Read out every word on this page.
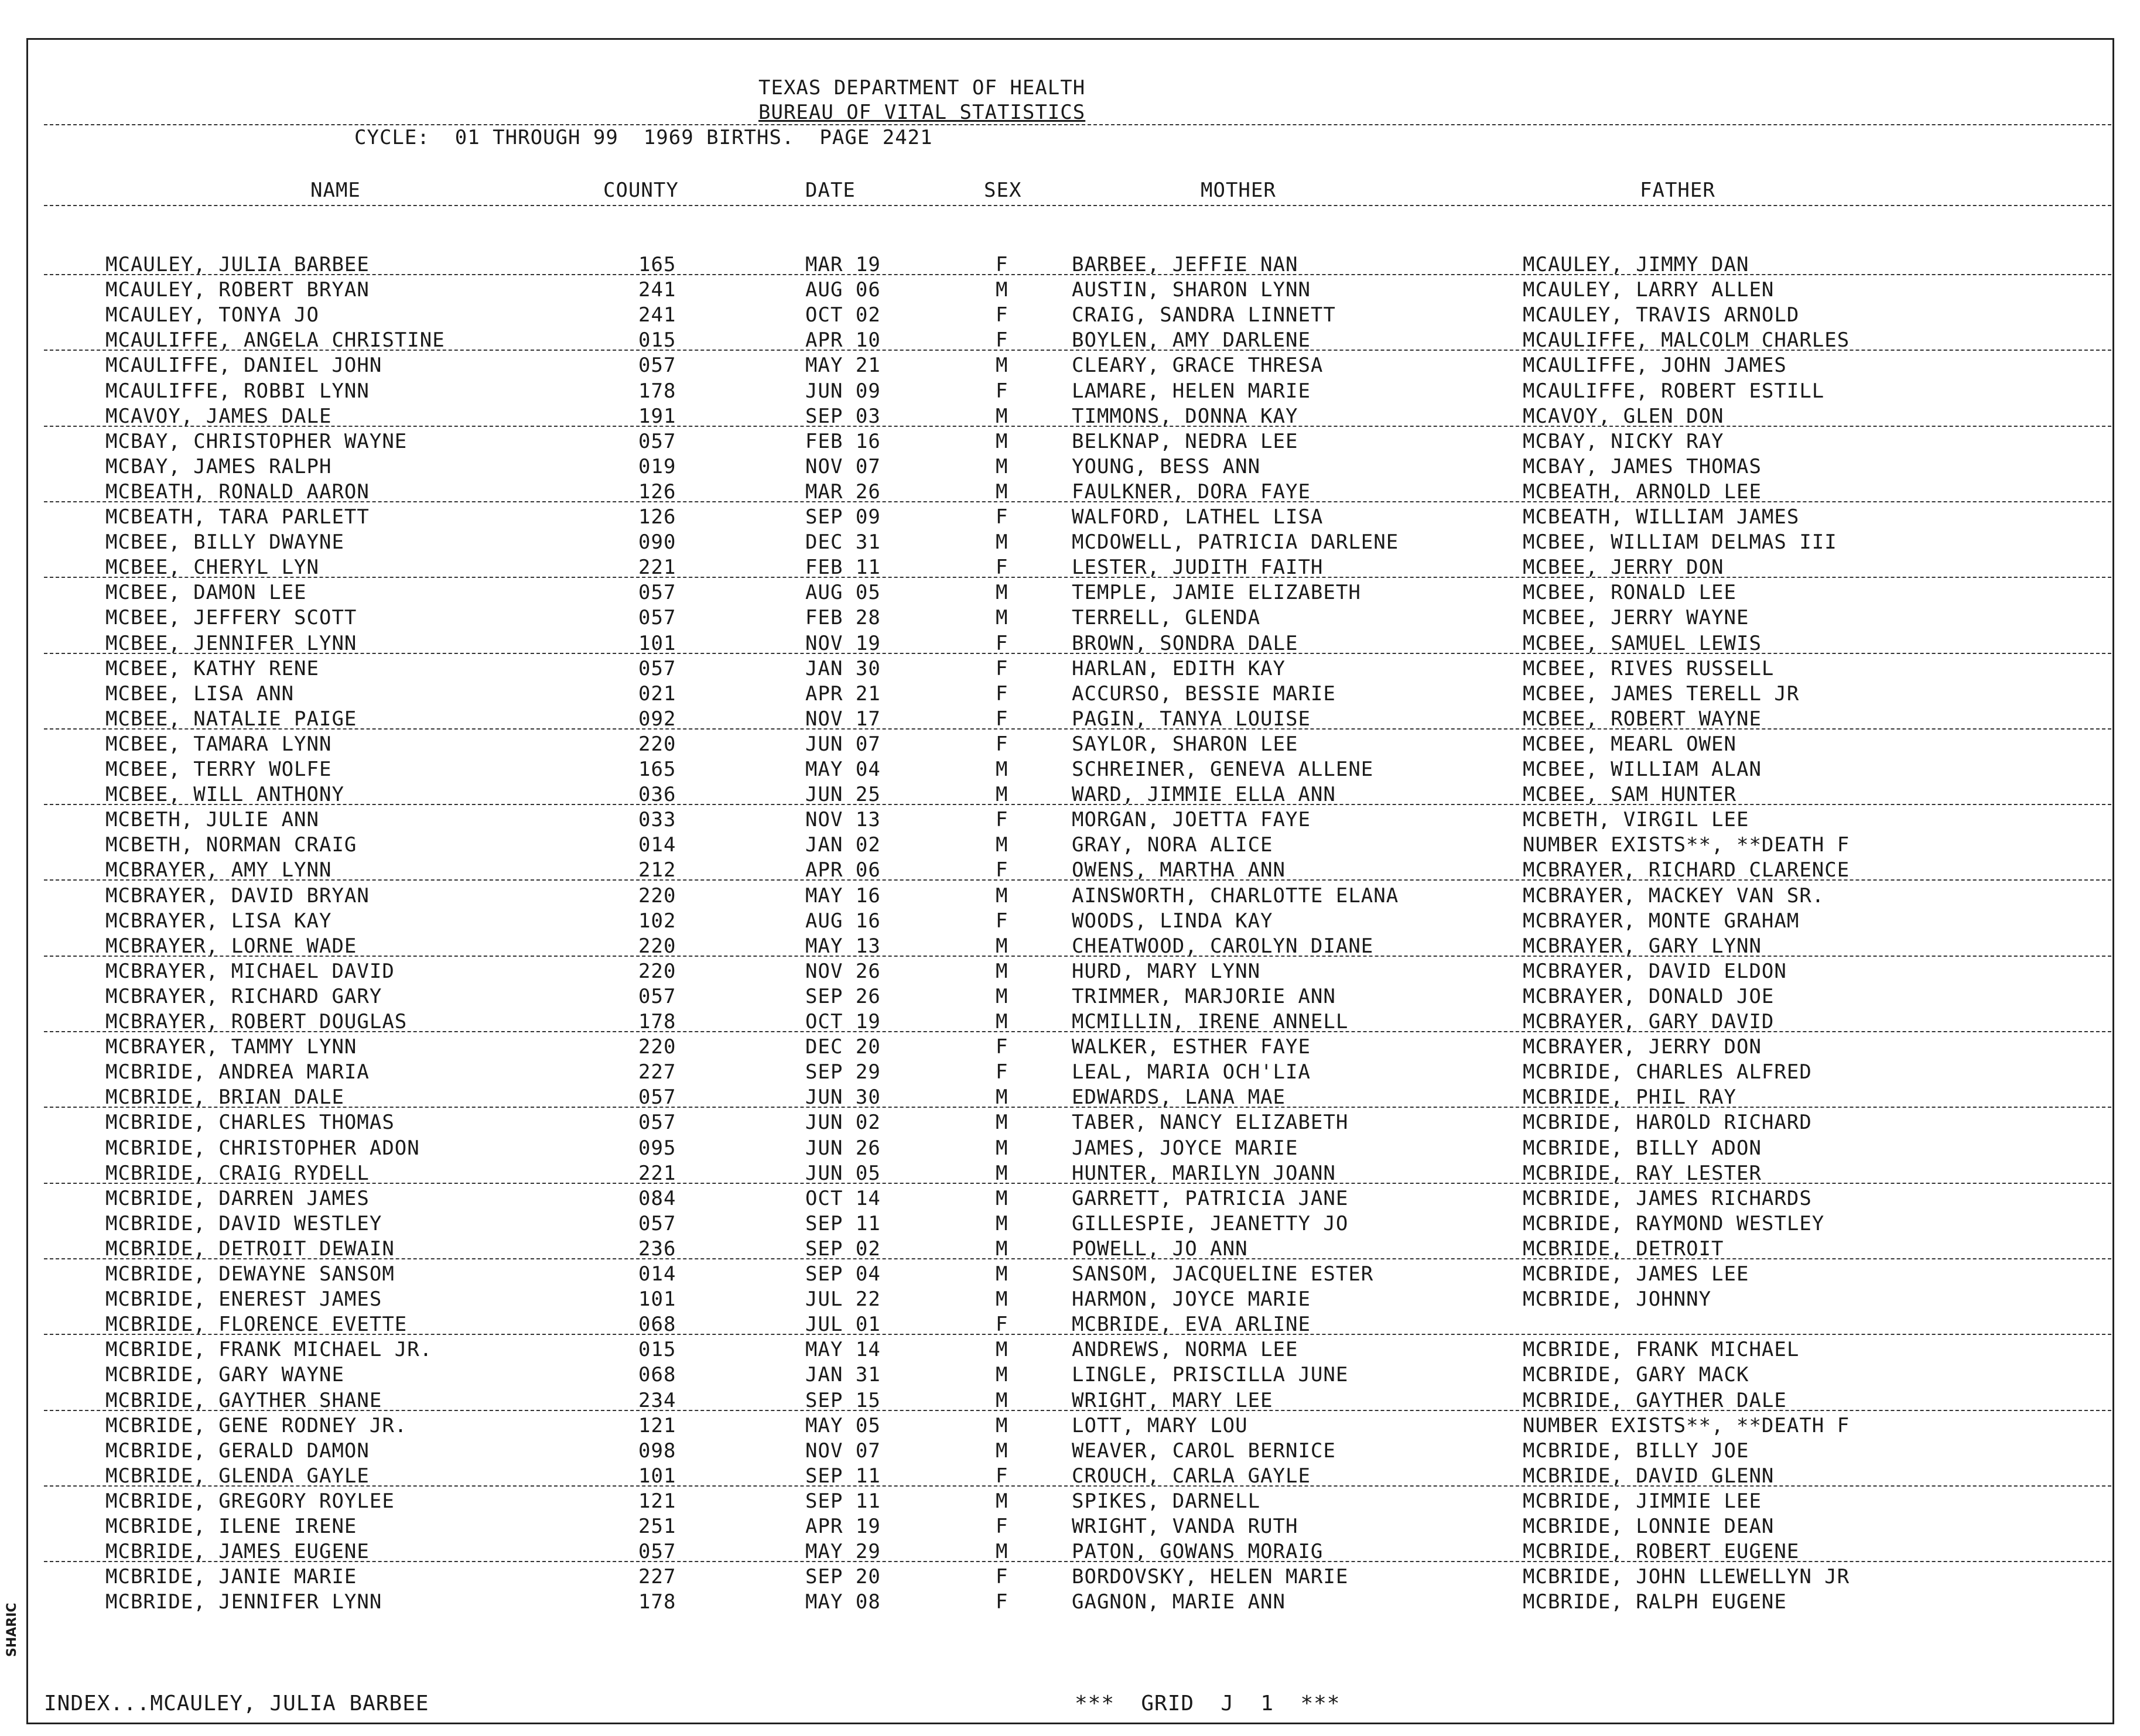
TEXAS DEPARTMENT OF HEALTH
BUREAU OF VITAL STATISTICS
CYCLE:  01 THROUGH 99  1969 BIRTHS.  PAGE 2421
NAME	COUNTY	DATE	SEX	MOTHER	FATHER
MCAULEY, JULIA BARBEE	165	MAR 19	F	BARBEE, JEFFIE NAN	MCAULEY, JIMMY DAN
MCAULEY, ROBERT BRYAN	241	AUG 06	M	AUSTIN, SHARON LYNN	MCAULEY, LARRY ALLEN
MCAULEY, TONYA JO	241	OCT 02	F	CRAIG, SANDRA LINNETT	MCAULEY, TRAVIS ARNOLD
MCAULIFFE, ANGELA CHRISTINE	015	APR 10	F	BOYLEN, AMY DARLENE	MCAULIFFE, MALCOLM CHARLES
MCAULIFFE, DANIEL JOHN	057	MAY 21	M	CLEARY, GRACE THRESA	MCAULIFFE, JOHN JAMES
MCAULIFFE, ROBBI LYNN	178	JUN 09	F	LAMARE, HELEN MARIE	MCAULIFFE, ROBERT ESTILL
MCAVOY, JAMES DALE	191	SEP 03	M	TIMMONS, DONNA KAY	MCAVOY, GLEN DON
MCBAY, CHRISTOPHER WAYNE	057	FEB 16	M	BELKNAP, NEDRA LEE	MCBAY, NICKY RAY
MCBAY, JAMES RALPH	019	NOV 07	M	YOUNG, BESS ANN	MCBAY, JAMES THOMAS
MCBEATH, RONALD AARON	126	MAR 26	M	FAULKNER, DORA FAYE	MCBEATH, ARNOLD LEE
MCBEATH, TARA PARLETT	126	SEP 09	F	WALFORD, LATHEL LISA	MCBEATH, WILLIAM JAMES
MCBEE, BILLY DWAYNE	090	DEC 31	M	MCDOWELL, PATRICIA DARLENE	MCBEE, WILLIAM DELMAS III
MCBEE, CHERYL LYN	221	FEB 11	F	LESTER, JUDITH FAITH	MCBEE, JERRY DON
MCBEE, DAMON LEE	057	AUG 05	M	TEMPLE, JAMIE ELIZABETH	MCBEE, RONALD LEE
MCBEE, JEFFERY SCOTT	057	FEB 28	M	TERRELL, GLENDA	MCBEE, JERRY WAYNE
MCBEE, JENNIFER LYNN	101	NOV 19	F	BROWN, SONDRA DALE	MCBEE, SAMUEL LEWIS
MCBEE, KATHY RENE	057	JAN 30	F	HARLAN, EDITH KAY	MCBEE, RIVES RUSSELL
MCBEE, LISA ANN	021	APR 21	F	ACCURSO, BESSIE MARIE	MCBEE, JAMES TERELL JR
MCBEE, NATALIE PAIGE	092	NOV 17	F	PAGIN, TANYA LOUISE	MCBEE, ROBERT WAYNE
MCBEE, TAMARA LYNN	220	JUN 07	F	SAYLOR, SHARON LEE	MCBEE, MEARL OWEN
MCBEE, TERRY WOLFE	165	MAY 04	M	SCHREINER, GENEVA ALLENE	MCBEE, WILLIAM ALAN
MCBEE, WILL ANTHONY	036	JUN 25	M	WARD, JIMMIE ELLA ANN	MCBEE, SAM HUNTER
MCBETH, JULIE ANN	033	NOV 13	F	MORGAN, JOETTA FAYE	MCBETH, VIRGIL LEE
MCBETH, NORMAN CRAIG	014	JAN 02	M	GRAY, NORA ALICE	NUMBER EXISTS**, **DEATH F
MCBRAYER, AMY LYNN	212	APR 06	F	OWENS, MARTHA ANN	MCBRAYER, RICHARD CLARENCE
MCBRAYER, DAVID BRYAN	220	MAY 16	M	AINSWORTH, CHARLOTTE ELANA	MCBRAYER, MACKEY VAN SR.
MCBRAYER, LISA KAY	102	AUG 16	F	WOODS, LINDA KAY	MCBRAYER, MONTE GRAHAM
MCBRAYER, LORNE WADE	220	MAY 13	M	CHEATWOOD, CAROLYN DIANE	MCBRAYER, GARY LYNN
MCBRAYER, MICHAEL DAVID	220	NOV 26	M	HURD, MARY LYNN	MCBRAYER, DAVID ELDON
MCBRAYER, RICHARD GARY	057	SEP 26	M	TRIMMER, MARJORIE ANN	MCBRAYER, DONALD JOE
MCBRAYER, ROBERT DOUGLAS	178	OCT 19	M	MCMILLIN, IRENE ANNELL	MCBRAYER, GARY DAVID
MCBRAYER, TAMMY LYNN	220	DEC 20	F	WALKER, ESTHER FAYE	MCBRAYER, JERRY DON
MCBRIDE, ANDREA MARIA	227	SEP 29	F	LEAL, MARIA OCH'LIA	MCBRIDE, CHARLES ALFRED
MCBRIDE, BRIAN DALE	057	JUN 30	M	EDWARDS, LANA MAE	MCBRIDE, PHIL RAY
MCBRIDE, CHARLES THOMAS	057	JUN 02	M	TABER, NANCY ELIZABETH	MCBRIDE, HAROLD RICHARD
MCBRIDE, CHRISTOPHER ADON	095	JUN 26	M	JAMES, JOYCE MARIE	MCBRIDE, BILLY ADON
MCBRIDE, CRAIG RYDELL	221	JUN 05	M	HUNTER, MARILYN JOANN	MCBRIDE, RAY LESTER
MCBRIDE, DARREN JAMES	084	OCT 14	M	GARRETT, PATRICIA JANE	MCBRIDE, JAMES RICHARDS
MCBRIDE, DAVID WESTLEY	057	SEP 11	M	GILLESPIE, JEANETTY JO	MCBRIDE, RAYMOND WESTLEY
MCBRIDE, DETROIT DEWAIN	236	SEP 02	M	POWELL, JO ANN	MCBRIDE, DETROIT
MCBRIDE, DEWAYNE SANSOM	014	SEP 04	M	SANSOM, JACQUELINE ESTER	MCBRIDE, JAMES LEE
MCBRIDE, ENEREST JAMES	101	JUL 22	M	HARMON, JOYCE MARIE	MCBRIDE, JOHNNY
MCBRIDE, FLORENCE EVETTE	068	JUL 01	F	MCBRIDE, EVA ARLINE
MCBRIDE, FRANK MICHAEL JR.	015	MAY 14	M	ANDREWS, NORMA LEE	MCBRIDE, FRANK MICHAEL
MCBRIDE, GARY WAYNE	068	JAN 31	M	LINGLE, PRISCILLA JUNE	MCBRIDE, GARY MACK
MCBRIDE, GAYTHER SHANE	234	SEP 15	M	WRIGHT, MARY LEE	MCBRIDE, GAYTHER DALE
MCBRIDE, GENE RODNEY JR.	121	MAY 05	M	LOTT, MARY LOU	NUMBER EXISTS**, **DEATH F
MCBRIDE, GERALD DAMON	098	NOV 07	M	WEAVER, CAROL BERNICE	MCBRIDE, BILLY JOE
MCBRIDE, GLENDA GAYLE	101	SEP 11	F	CROUCH, CARLA GAYLE	MCBRIDE, DAVID GLENN
MCBRIDE, GREGORY ROYLEE	121	SEP 11	M	SPIKES, DARNELL	MCBRIDE, JIMMIE LEE
MCBRIDE, ILENE IRENE	251	APR 19	F	WRIGHT, VANDA RUTH	MCBRIDE, LONNIE DEAN
MCBRIDE, JAMES EUGENE	057	MAY 29	M	PATON, GOWANS MORAIG	MCBRIDE, ROBERT EUGENE
MCBRIDE, JANIE MARIE	227	SEP 20	F	BORDOVSKY, HELEN MARIE	MCBRIDE, JOHN LLEWELLYN JR
MCBRIDE, JENNIFER LYNN	178	MAY 08	F	GAGNON, MARIE ANN	MCBRIDE, RALPH EUGENE
INDEX...MCAULEY, JULIA BARBEE	***  GRID  J  1  ***
SHARIC
